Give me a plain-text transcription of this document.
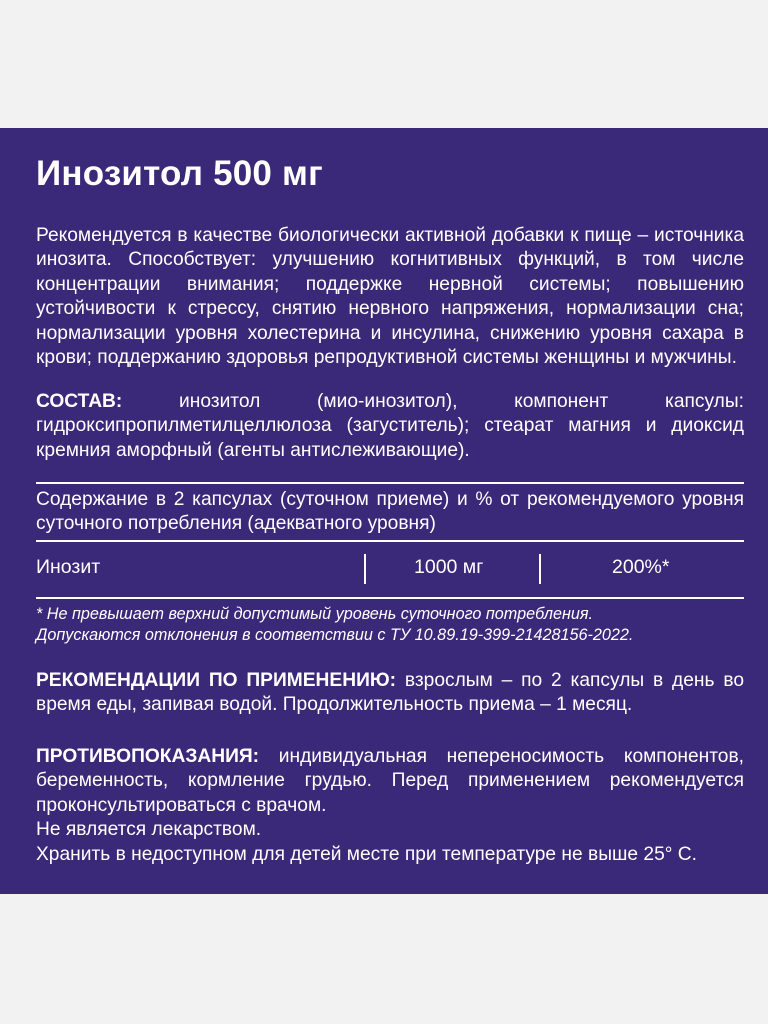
Инозитол 500 мг
Рекомендуется в качестве биологически активной добавки к пище – источника инозита. Способствует: улучшению когнитивных функций, в том числе концентрации внимания; поддержке нервной системы; повышению устойчивости к стрессу, снятию нервного напряжения, нормализации сна; нормализации уровня холестерина и инсулина, снижению уровня сахара в крови; поддержанию здоровья репродуктивной системы женщины и мужчины.
СОСТАВ: инозитол (мио-инозитол), компонент капсулы: гидроксипропилметилцеллюлоза (загуститель); стеарат магния и диоксид кремния аморфный (агенты антислеживающие).
Содержание в 2 капсулах (суточном приеме) и % от рекомендуемого уровня суточного потребления (адекватного уровня)
Инозит	1000 мг	200%*
* Не превышает верхний допустимый уровень суточного потребления.
Допускаются отклонения в соответствии с ТУ 10.89.19-399-21428156-2022.
РЕКОМЕНДАЦИИ ПО ПРИМЕНЕНИЮ: взрослым – по 2 капсулы в день во время еды, запивая водой. Продолжительность приема – 1 месяц.
ПРОТИВОПОКАЗАНИЯ: индивидуальная непереносимость компонентов, беременность, кормление грудью. Перед применением рекомендуется проконсультироваться с врачом.
Не является лекарством.
Хранить в недоступном для детей месте при температуре не выше 25° С.
